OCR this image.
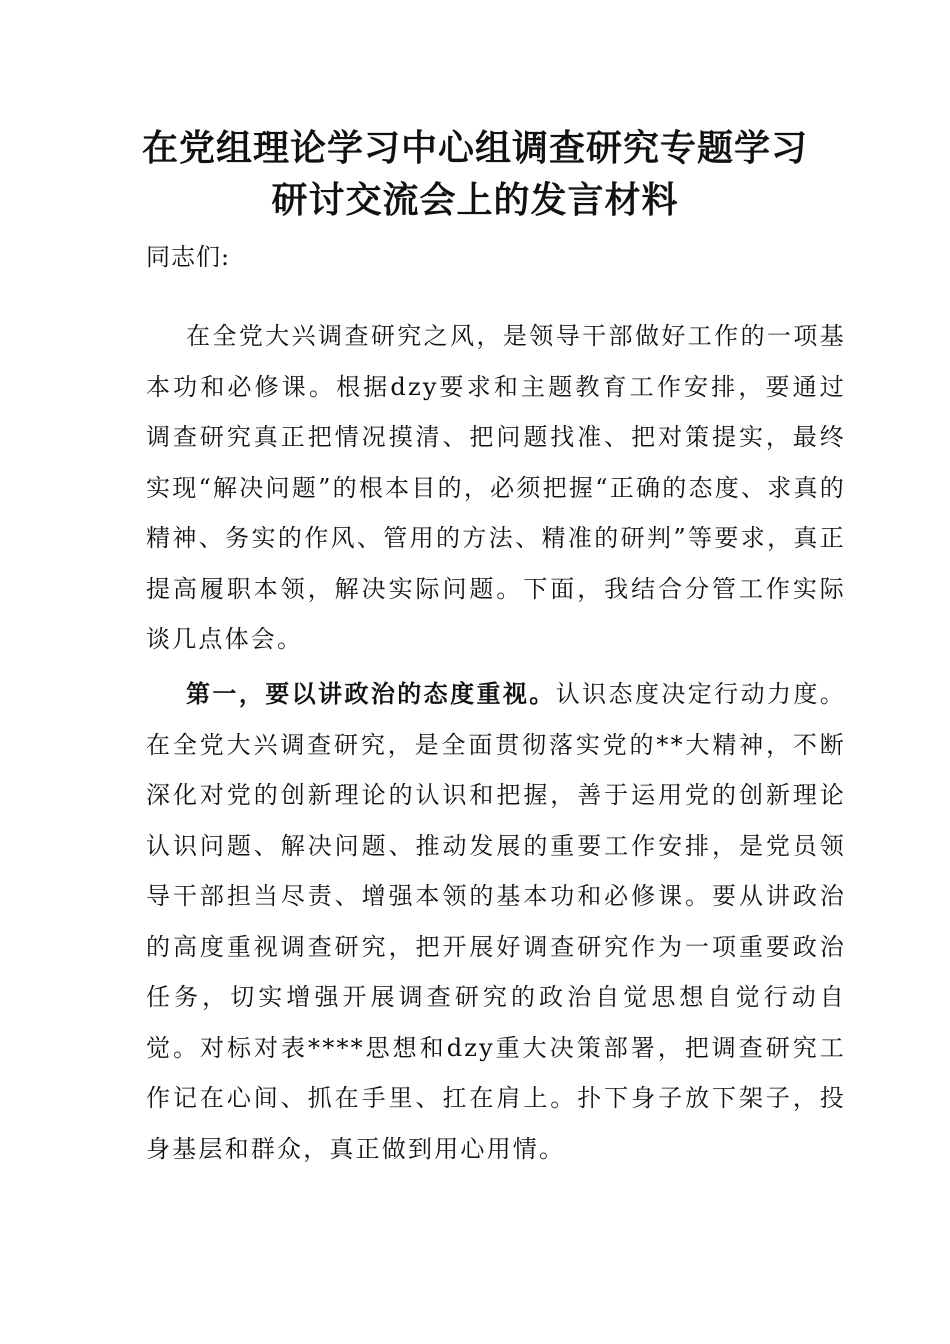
在党组理论学习中心组调查研究专题学习
研讨交流会上的发言材料

同志们:

在全党大兴调查研究之风，是领导干部做好工作的一项基本功和必修课。根据dzy要求和主题教育工作安排，要通过调查研究真正把情况摸清、把问题找准、把对策提实，最终实现“解决问题”的根本目的，必须把握“正确的态度、求真的精神、务实的作风、管用的方法、精准的研判”等要求，真正提高履职本领，解决实际问题。下面，我结合分管工作实际谈几点体会。

第一，要以讲政治的态度重视。认识态度决定行动力度。在全党大兴调查研究，是全面贯彻落实党的**大精神，不断深化对党的创新理论的认识和把握，善于运用党的创新理论认识问题、解决问题、推动发展的重要工作安排，是党员领导干部担当尽责、增强本领的基本功和必修课。要从讲政治的高度重视调查研究，把开展好调查研究作为一项重要政治任务，切实增强开展调查研究的政治自觉思想自觉行动自觉。对标对表****思想和dzy重大决策部署，把调查研究工作记在心间、抓在手里、扛在肩上。扑下身子放下架子，投身基层和群众，真正做到用心用情。
